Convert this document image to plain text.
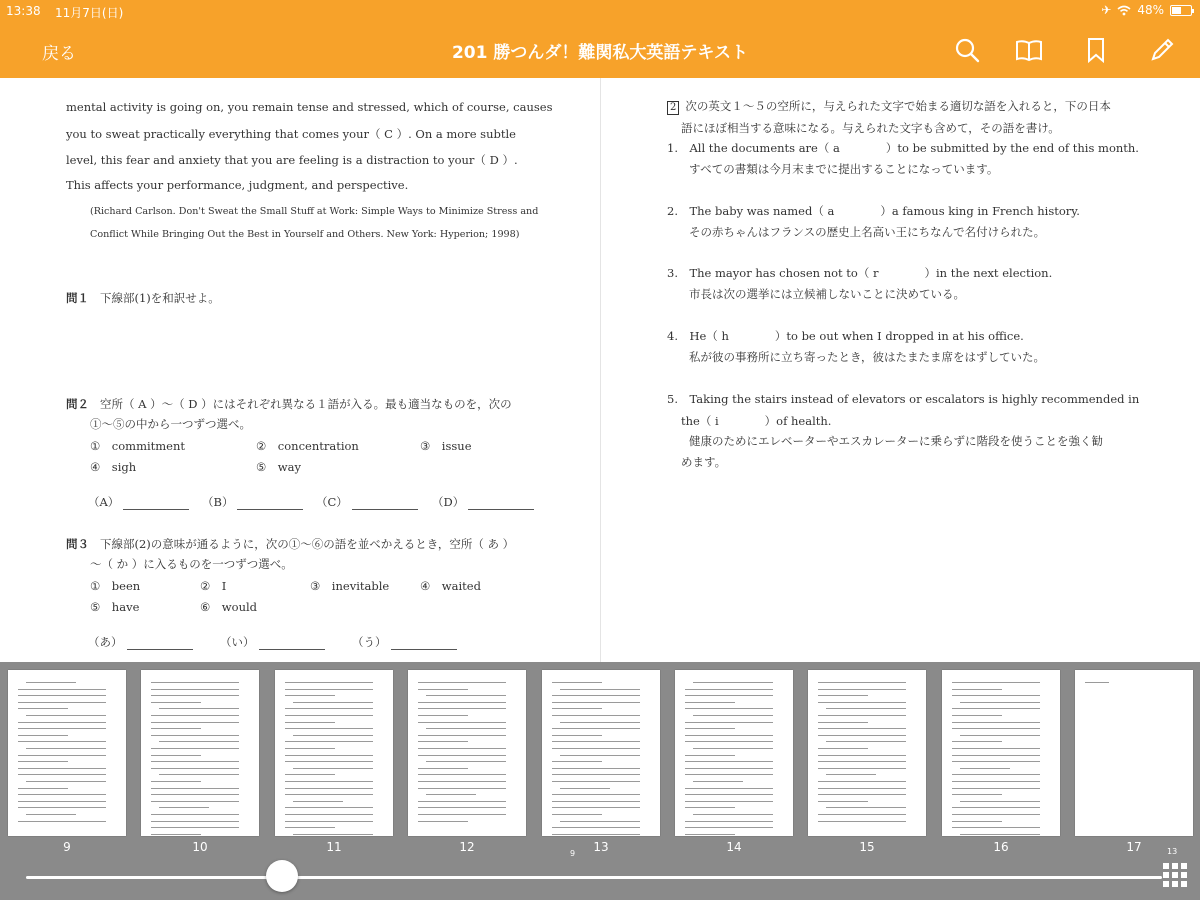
13:38 11月7日(日)	✈ 48%
戻る	201 勝つんダ！難関私大英語テキスト

mental activity is going on, you remain tense and stressed, which of course, causes

you to sweat practically everything that comes your（ C ）. On a more subtle

level, this fear and anxiety that you are feeling is a distraction to your（ D ）.

This affects your performance, judgment, and perspective.

(Richard Carlson. Don't Sweat the Small Stuff at Work: Simple Ways to Minimize Stress and

Conflict While Bringing Out the Best in Yourself and Others. New York: Hyperion; 1998)

問１ 下線部(1)を和訳せよ。

問２ 空所（ A ）～（ D ）にはそれぞれ異なる１語が入る。最も適当なものを，次の

①～⑤の中から一つずつ選べ。

①　commitment	②　concentration	③　issue

④　sigh	⑤　way

（A）	（B）	（C）	（D）

問３ 下線部(2)の意味が通るように，次の①～⑥の語を並べかえるとき，空所（ あ ）

～（ か ）に入るものを一つずつ選べ。

①　been	②　I	③　inevitable	④　waited

⑤　have	⑥　would

（あ）	（い）	（う）

2 次の英文１～５の空所に，与えられた文字で始まる適切な語を入れると，下の日本

語にほぼ相当する意味になる。与えられた文字も含めて，その語を書け。

1.　All the documents are（ a　　　　）to be submitted by the end of this month.

すべての書類は今月末までに提出することになっています。

2.　The baby was named（ a　　　　）a famous king in French history.

その赤ちゃんはフランスの歴史上名高い王にちなんで名付けられた。

3.　The mayor has chosen not to（ r　　　　）in the next election.

市長は次の選挙には立候補しないことに決めている。

4.　He（ h　　　　）to be out when I dropped in at his office.

私が彼の事務所に立ち寄ったとき，彼はたまたま席をはずしていた。

5.　Taking the stairs instead of elevators or escalators is highly recommended in

the（ i　　　　）of health.

健康のためにエレベーターやエスカレーターに乗らずに階段を使うことを強く勧

めます。

9	10	11	12	13	14	15	16	17
9	13
